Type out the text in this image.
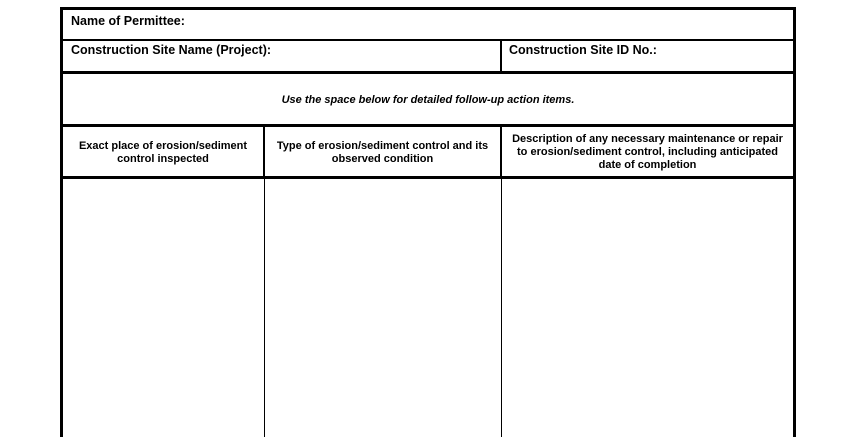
Name of Permittee:
Construction Site Name (Project):	Construction Site ID No.:
Use the space below for detailed follow-up action items.
Exact place of erosion/sediment control inspected
Type of erosion/sediment control and its observed condition
Description of any necessary maintenance or repair to erosion/sediment control, including anticipated date of completion
